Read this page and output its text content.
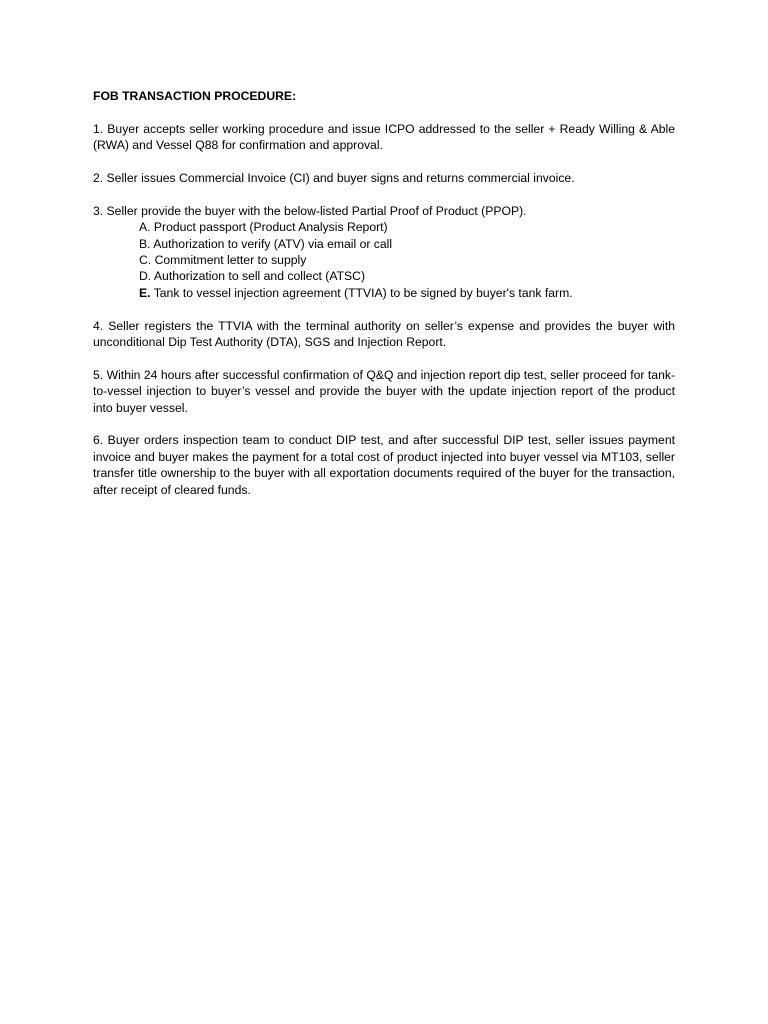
FOB TRANSACTION PROCEDURE:
1. Buyer accepts seller working procedure and issue ICPO addressed to the seller + Ready Willing & Able (RWA) and Vessel Q88 for confirmation and approval.
2. Seller issues Commercial Invoice (CI) and buyer signs and returns commercial invoice.
3. Seller provide the buyer with the below-listed Partial Proof of Product (PPOP).
A. Product passport (Product Analysis Report)
B. Authorization to verify (ATV) via email or call
C. Commitment letter to supply
D. Authorization to sell and collect (ATSC)
E. Tank to vessel injection agreement (TTVIA) to be signed by buyer's tank farm.
4. Seller registers the TTVIA with the terminal authority on seller’s expense and provides the buyer with unconditional Dip Test Authority (DTA), SGS and Injection Report.
5. Within 24 hours after successful confirmation of Q&Q and injection report dip test, seller proceed for tank-to-vessel injection to buyer’s vessel and provide the buyer with the update injection report of the product into buyer vessel.
6. Buyer orders inspection team to conduct DIP test, and after successful DIP test, seller issues payment invoice and buyer makes the payment for a total cost of product injected into buyer vessel via MT103, seller transfer title ownership to the buyer with all exportation documents required of the buyer for the transaction, after receipt of cleared funds.
